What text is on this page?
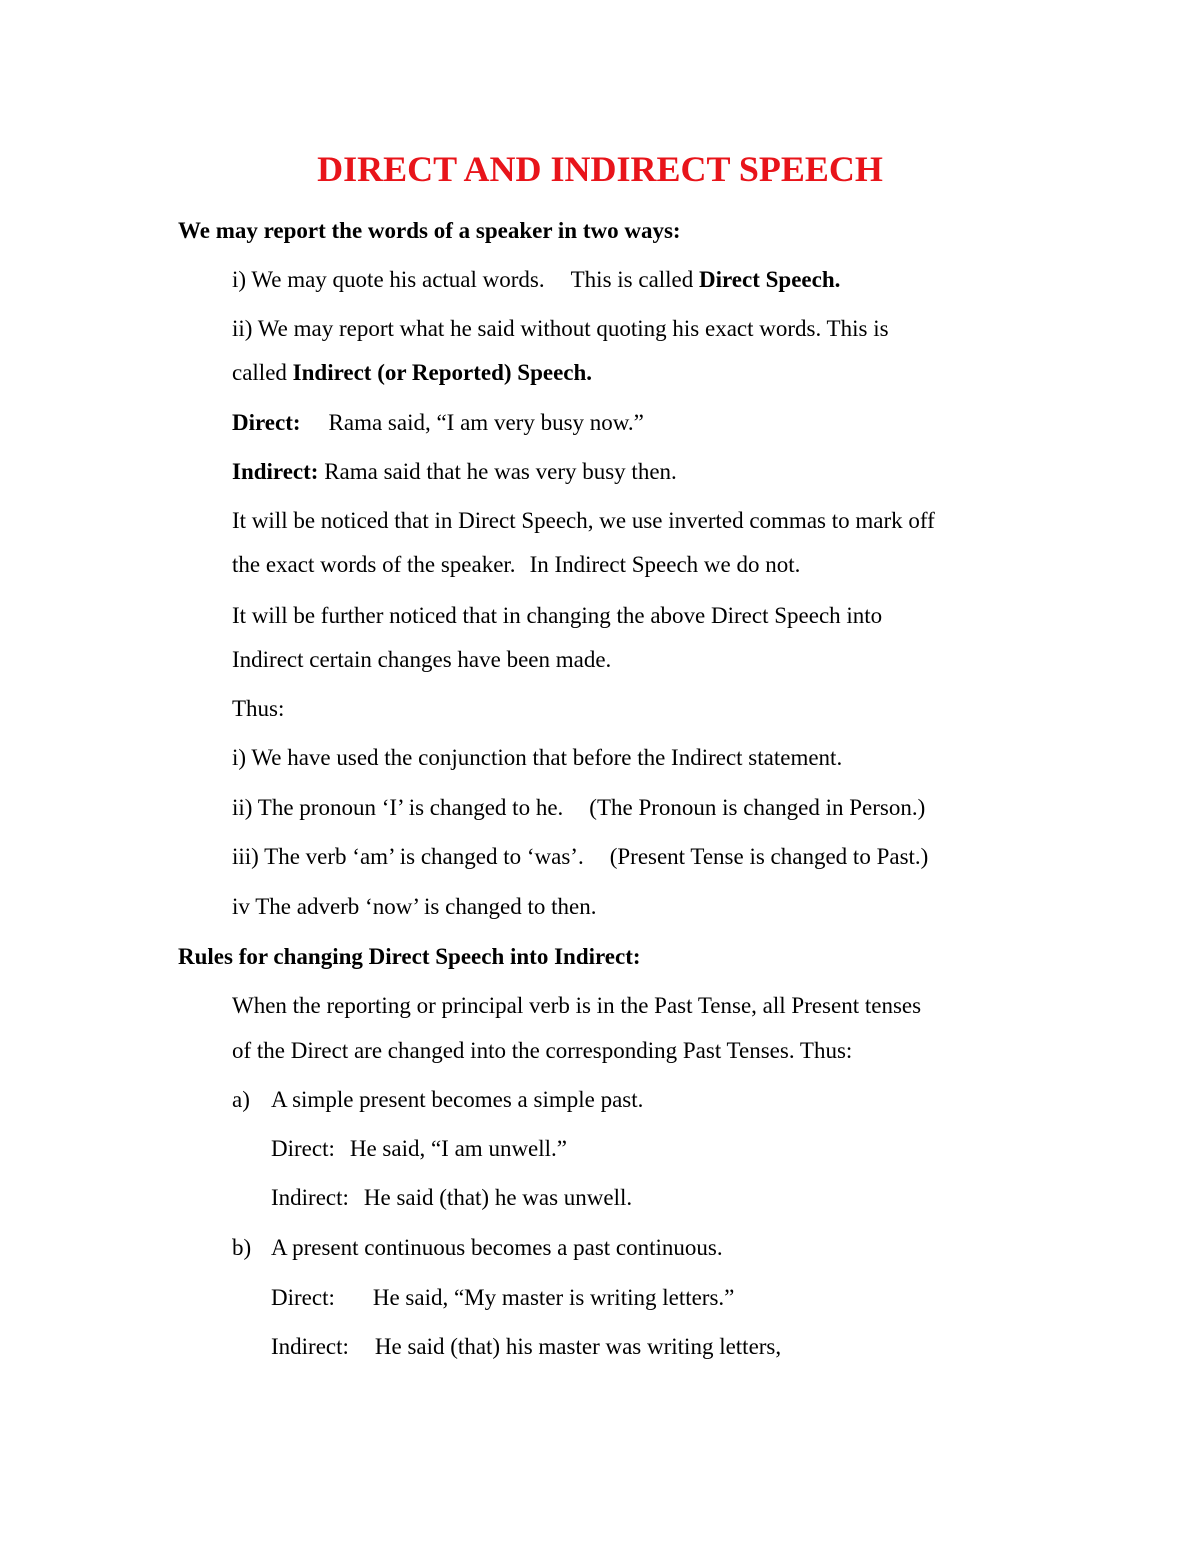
DIRECT AND INDIRECT SPEECH
We may report the words of a speaker in two ways:
i) We may quote his actual words. This is called Direct Speech.
ii) We may report what he said without quoting his exact words. This is
called Indirect (or Reported) Speech.
Direct: Rama said, “I am very busy now.”
Indirect: Rama said that he was very busy then.
It will be noticed that in Direct Speech, we use inverted commas to mark off
the exact words of the speaker. In Indirect Speech we do not.
It will be further noticed that in changing the above Direct Speech into
Indirect certain changes have been made.
Thus:
i) We have used the conjunction that before the Indirect statement.
ii) The pronoun ‘I’ is changed to he. (The Pronoun is changed in Person.)
iii) The verb ‘am’ is changed to ‘was’. (Present Tense is changed to Past.)
iv The adverb ‘now’ is changed to then.
Rules for changing Direct Speech into Indirect:
When the reporting or principal verb is in the Past Tense, all Present tenses
of the Direct are changed into the corresponding Past Tenses. Thus:
a) A simple present becomes a simple past.
Direct: He said, “I am unwell.”
Indirect: He said (that) he was unwell.
b) A present continuous becomes a past continuous.
Direct: He said, “My master is writing letters.”
Indirect: He said (that) his master was writing letters,
